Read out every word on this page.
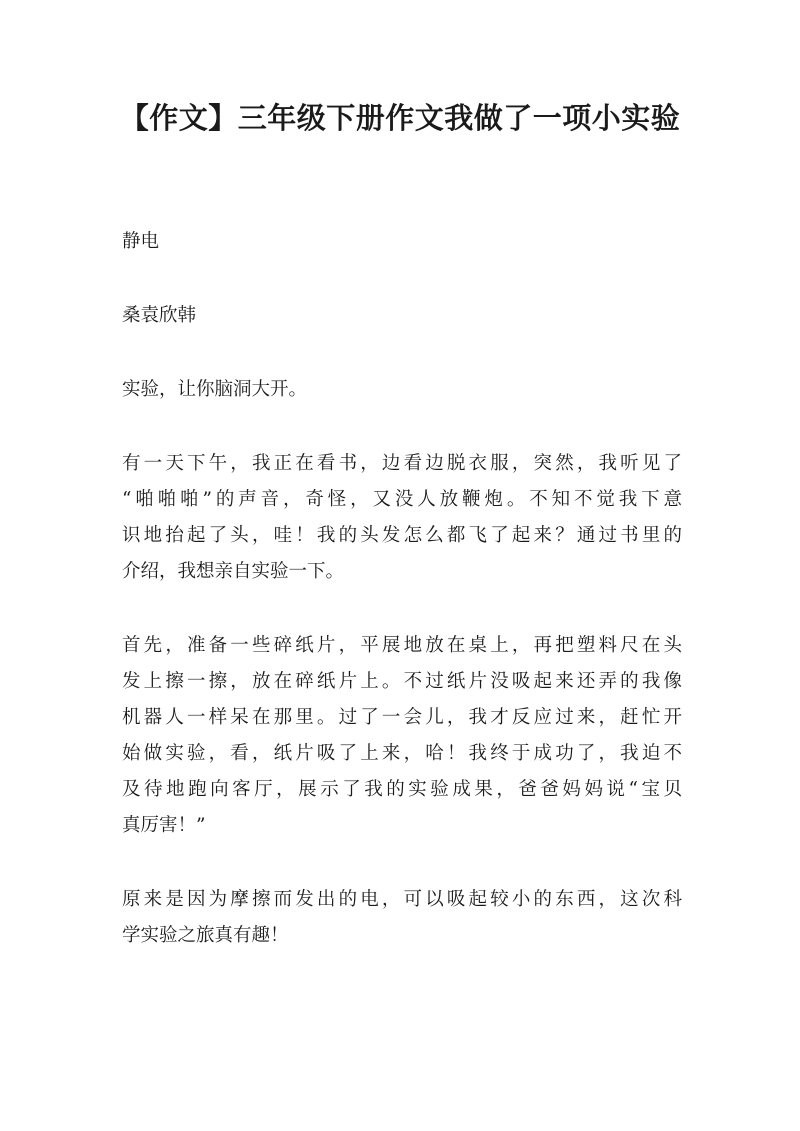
【作文】三年级下册作文我做了一项小实验

静电

桑袁欣韩

实验，让你脑洞大开。

有一天下午，我正在看书，边看边脱衣服，突然，我听见了
“啪啪啪”的声音，奇怪，又没人放鞭炮。不知不觉我下意
识地抬起了头，哇！我的头发怎么都飞了起来？通过书里的
介绍，我想亲自实验一下。

首先，准备一些碎纸片，平展地放在桌上，再把塑料尺在头
发上擦一擦，放在碎纸片上。不过纸片没吸起来还弄的我像
机器人一样呆在那里。过了一会儿，我才反应过来，赶忙开
始做实验，看，纸片吸了上来，哈！我终于成功了，我迫不
及待地跑向客厅，展示了我的实验成果，爸爸妈妈说“宝贝
真厉害！”

原来是因为摩擦而发出的电，可以吸起较小的东西，这次科
学实验之旅真有趣！
